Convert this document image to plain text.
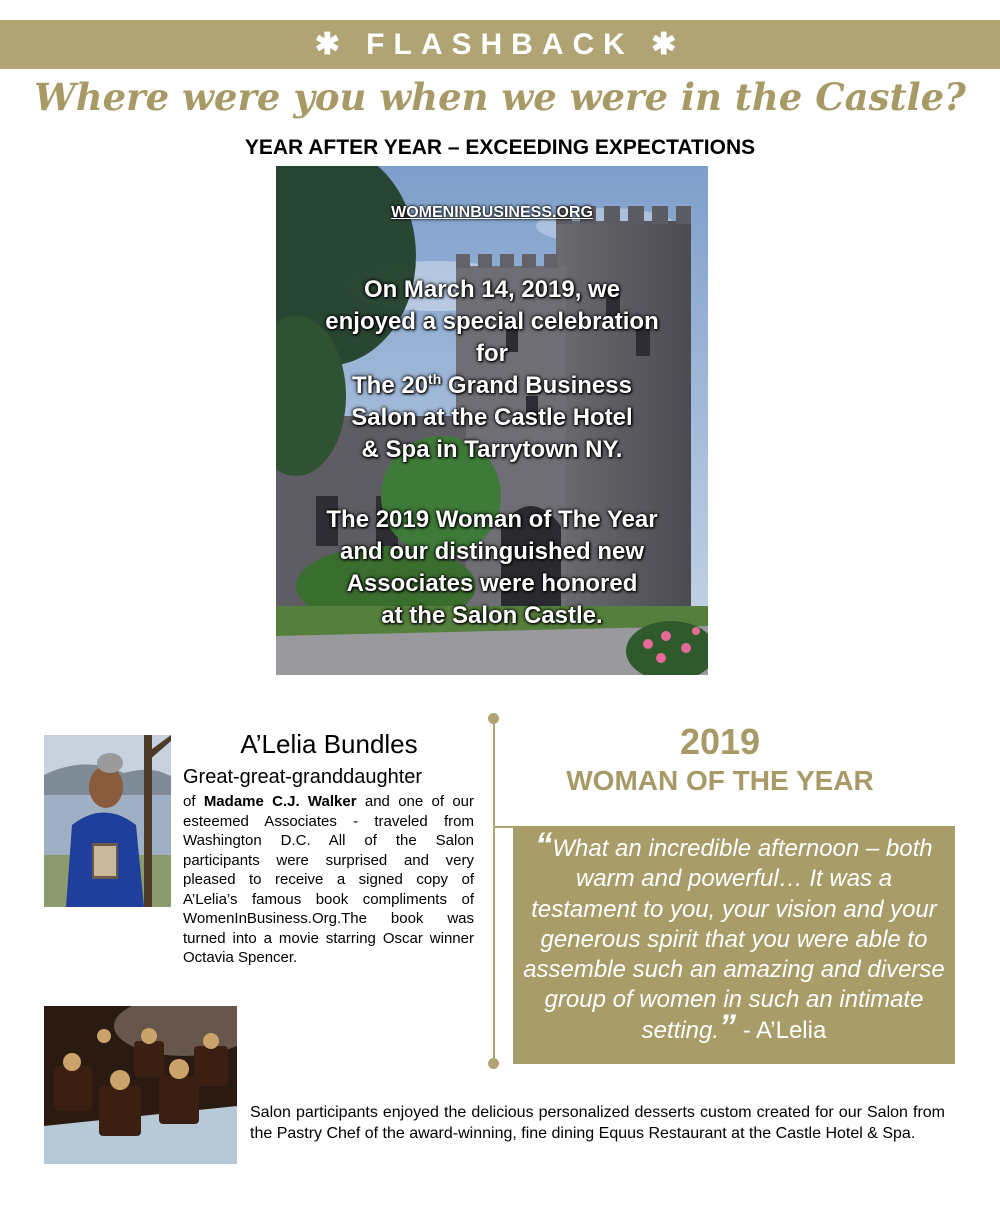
✱ FLASHBACK ✱
Where were you when we were in the Castle?
YEAR AFTER YEAR – EXCEEDING EXPECTATIONS
WOMENINBUSINESS.ORG

On March 14, 2019, we

enjoyed a special celebration

for

The 20th Grand Business

Salon at the Castle Hotel

& Spa in Tarrytown NY.

The 2019 Woman of The Year

and our distinguished new

Associates were honored

at the Salon Castle.

A’Lelia Bundles
Great-great-granddaughter
of Madame C.J. Walker and one of our esteemed Associates - traveled from Washington D.C. All of the Salon participants were surprised and very pleased to receive a signed copy of A’Lelia’s famous book compliments of WomenInBusiness.Org.The book was turned into a movie starring Oscar winner Octavia Spencer.
2019
WOMAN OF THE YEAR
“What an incredible afternoon – both warm and powerful… It was a testament to you, your vision and your generous spirit that you were able to assemble such an amazing and diverse group of women in such an intimate setting.” - A’Lelia
Salon participants enjoyed the delicious personalized desserts custom created for our Salon from the Pastry Chef of the award-winning, fine dining Equus Restaurant at the Castle Hotel & Spa.
